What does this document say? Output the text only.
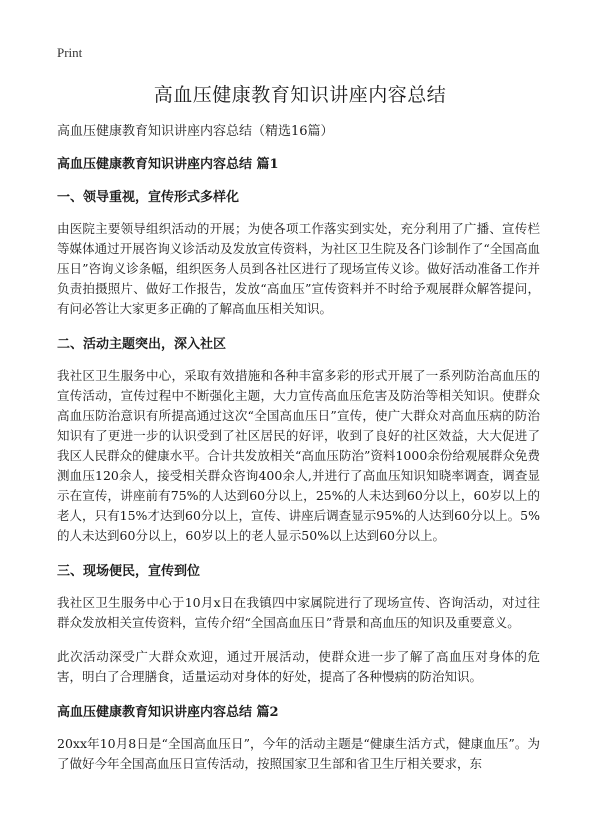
Print
高血压健康教育知识讲座内容总结

高血压健康教育知识讲座内容总结（精选16篇）

高血压健康教育知识讲座内容总结 篇1

一、领导重视，宣传形式多样化

由医院主要领导组织活动的开展；为使各项工作落实到实处，充分利用了广播、宣传栏等媒体通过开展咨询义诊活动及发放宣传资料，为社区卫生院及各门诊制作了“全国高血压日”咨询义诊条幅，组织医务人员到各社区进行了现场宣传义诊。做好活动准备工作并负责拍摄照片、做好工作报告，发放“高血压”宣传资料并不时给予观展群众解答提问，有问必答让大家更多正确的了解高血压相关知识。

二、活动主题突出，深入社区

我社区卫生服务中心，采取有效措施和各种丰富多彩的形式开展了一系列防治高血压的宣传活动，宣传过程中不断强化主题，大力宣传高血压危害及防治等相关知识。使群众高血压防治意识有所提高通过这次“全国高血压日”宣传，使广大群众对高血压病的防治知识有了更进一步的认识受到了社区居民的好评，收到了良好的社区效益，大大促进了我区人民群众的健康水平。合计共发放相关“高血压防治”资料1000余份给观展群众免费测血压120余人，接受相关群众咨询400余人,并进行了高血压知识知晓率调查，调查显示在宣传，讲座前有75%的人达到60分以上，25%的人未达到60分以上，60岁以上的老人，只有15%才达到60分以上，宣传、讲座后调查显示95%的人达到60分以上。5%的人未达到60分以上，60岁以上的老人显示50%以上达到60分以上。

三、现场便民，宣传到位

我社区卫生服务中心于10月x日在我镇四中家属院进行了现场宣传、咨询活动，对过往群众发放相关宣传资料，宣传介绍“全国高血压日”背景和高血压的知识及重要意义。

此次活动深受广大群众欢迎，通过开展活动，使群众进一步了解了高血压对身体的危害，明白了合理膳食，适量运动对身体的好处，提高了各种慢病的防治知识。

高血压健康教育知识讲座内容总结 篇2

20xx年10月8日是“全国高血压日”，今年的活动主题是“健康生活方式，健康血压”。为了做好今年全国高血压日宣传活动，按照国家卫生部和省卫生厅相关要求，东
